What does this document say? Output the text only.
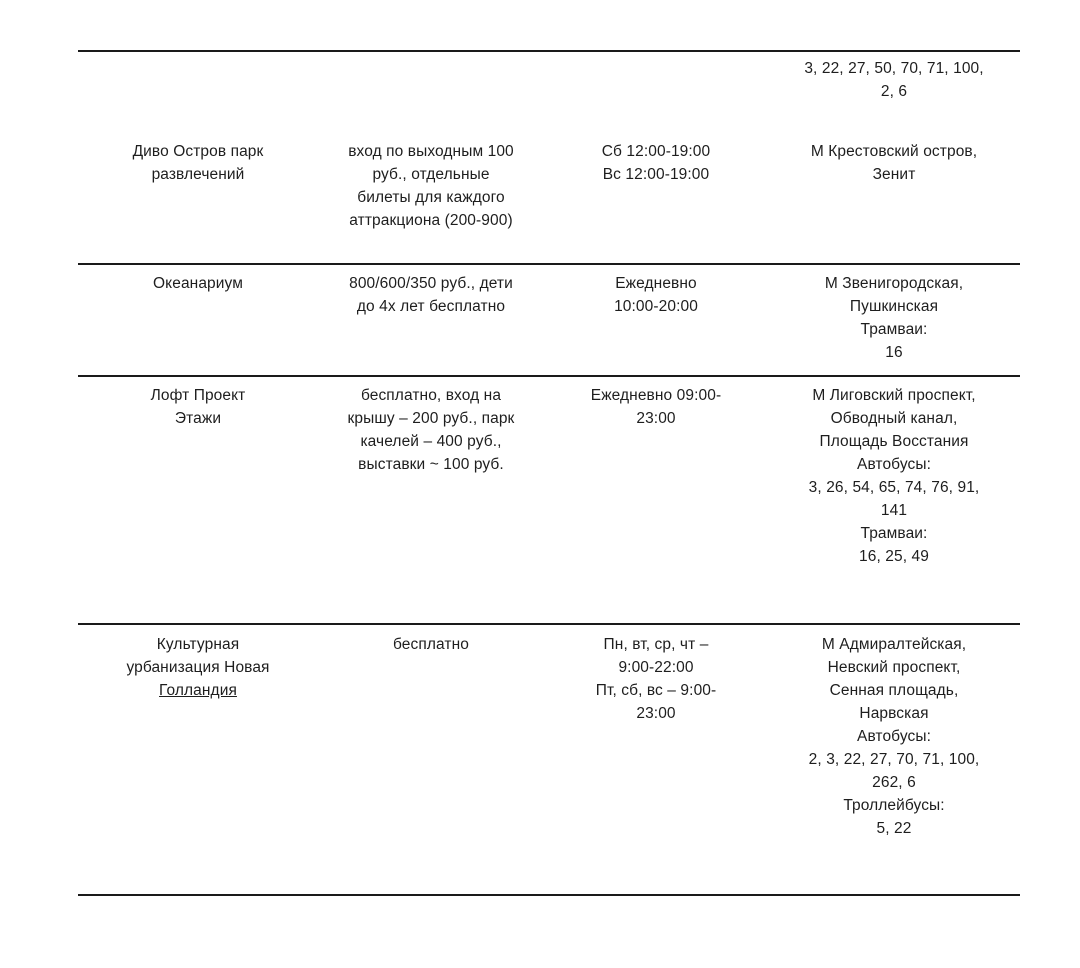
3, 22, 27, 50, 70, 71, 100,
2, 6
Диво Остров парк
развлечений
вход по выходным 100
руб., отдельные
билеты для каждого
аттракциона (200-900)
Сб 12:00-19:00
Вс 12:00-19:00
М Крестовский остров,
Зенит
Океанариум	800/600/350 руб., дети
до 4х лет бесплатно
Ежедневно
10:00-20:00
М Звенигородская,
Пушкинская
Трамваи:
16
Лофт Проект
Этажи
бесплатно, вход на
крышу – 200 руб., парк
качелей – 400 руб.,
выставки ~ 100 руб.
Ежедневно 09:00-
23:00
М Лиговский проспект,
Обводный канал,
Площадь Восстания
Автобусы:
3, 26, 54, 65, 74, 76, 91,
141
Трамваи:
16, 25, 49
Культурная
урбанизация Новая
Голландия
бесплатно	Пн, вт, ср, чт –
9:00-22:00
Пт, сб, вс – 9:00-
23:00
М Адмиралтейская,
Невский проспект,
Сенная площадь,
Нарвская
Автобусы:
2, 3, 22, 27, 70, 71, 100,
262, 6
Троллейбусы:
5, 22
